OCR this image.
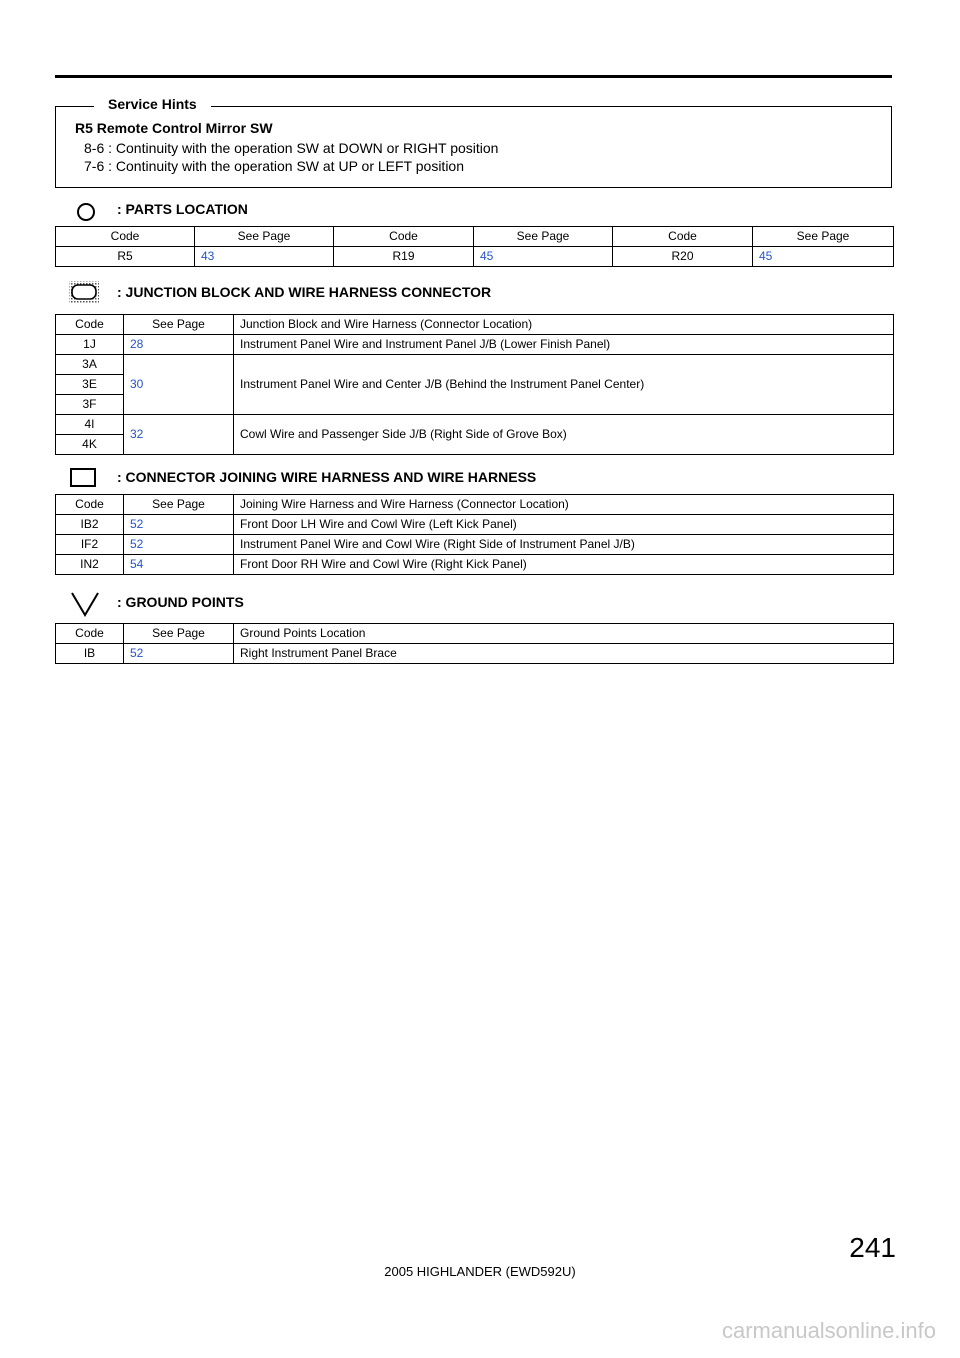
Service Hints
R5 Remote Control Mirror SW
8-6 : Continuity with the operation SW at DOWN or RIGHT position
7-6 : Continuity with the operation SW at UP or LEFT position
: PARTS LOCATION
Code	See Page	Code	See Page	Code	See Page
R5	43	R19	45	R20	45
: JUNCTION BLOCK AND WIRE HARNESS CONNECTOR
Code	See Page	Junction Block and Wire Harness (Connector Location)
1J	28	Instrument Panel Wire and Instrument Panel J/B (Lower Finish Panel)
3A	30	Instrument Panel Wire and Center J/B (Behind the Instrument Panel Center)
3E		
3F		
4I	32	Cowl Wire and Passenger Side J/B (Right Side of Grove Box)
4K		
: CONNECTOR JOINING WIRE HARNESS AND WIRE HARNESS
Code	See Page	Joining Wire Harness and Wire Harness (Connector Location)
IB2	52	Front Door LH Wire and Cowl Wire (Left Kick Panel)
IF2	52	Instrument Panel Wire and Cowl Wire (Right Side of Instrument Panel J/B)
IN2	54	Front Door RH Wire and Cowl Wire (Right Kick Panel)
: GROUND POINTS
Code	See Page	Ground Points Location
IB	52	Right Instrument Panel Brace
241
2005 HIGHLANDER (EWD592U)
carmanualsonline.info
